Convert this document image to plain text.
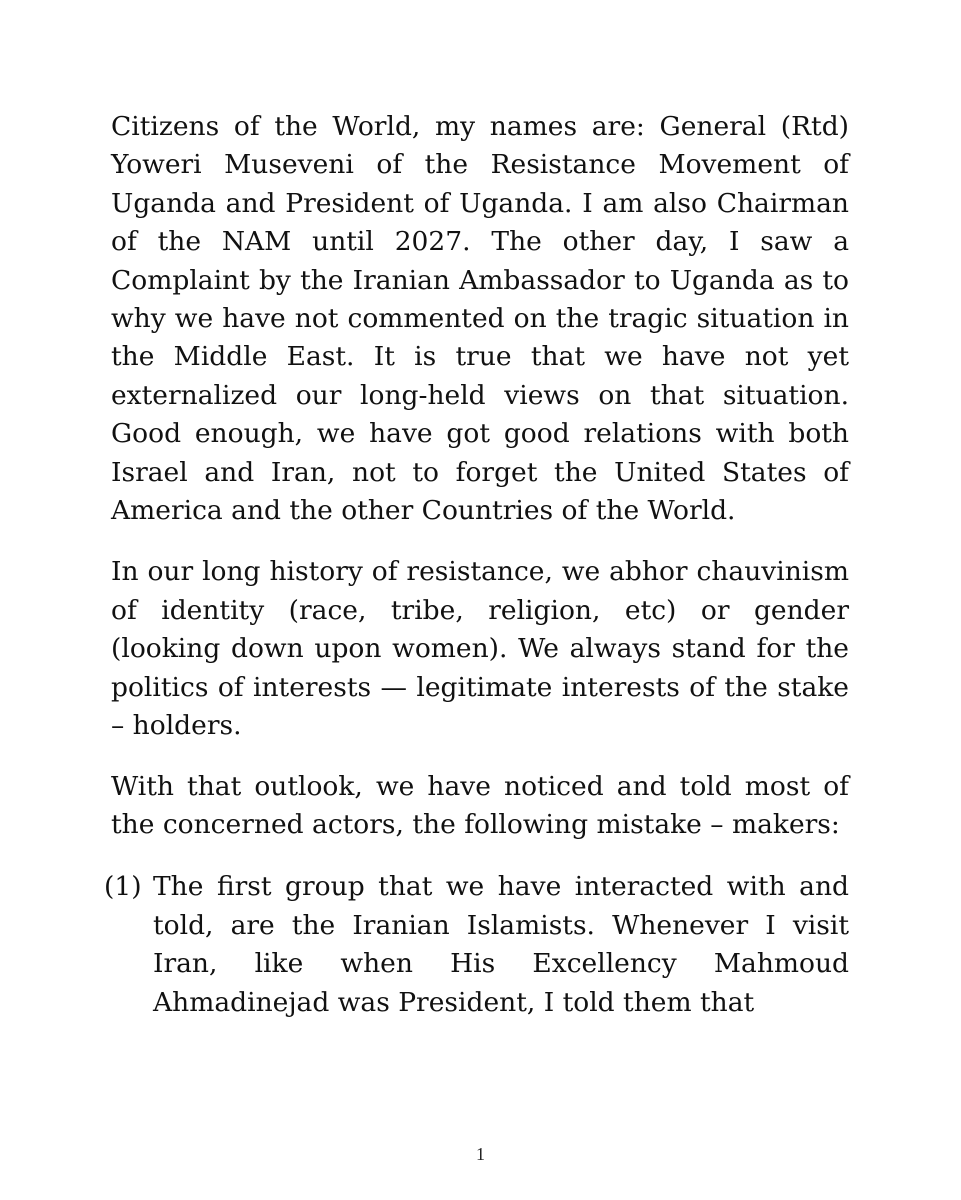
Citizens of the World, my names are: General (Rtd) Yoweri Museveni of the Resistance Movement of Uganda and President of Uganda. I am also Chairman of the NAM until 2027. The other day, I saw a Complaint by the Iranian Ambassador to Uganda as to why we have not commented on the tragic situation in the Middle East. It is true that we have not yet externalized our long-held views on that situation. Good enough, we have got good relations with both Israel and Iran, not to forget the United States of America and the other Countries of the World.

In our long history of resistance, we abhor chauvinism of identity (race, tribe, religion, etc) or gender (looking down upon women). We always stand for the politics of interests — legitimate interests of the stake – holders.

With that outlook, we have noticed and told most of the concerned actors, the following mistake – makers:

(1) The first group that we have interacted with and told, are the Iranian Islamists. Whenever I visit Iran, like when His Excellency Mahmoud Ahmadinejad was President, I told them that

1
